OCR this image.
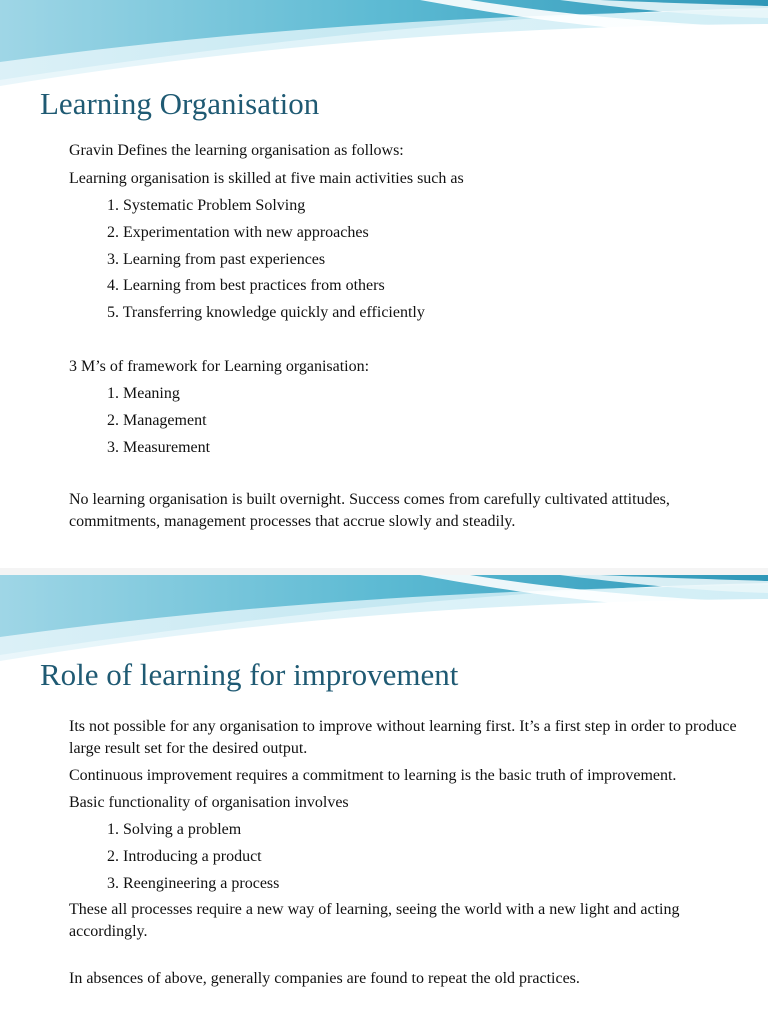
Learning Organisation

Gravin Defines the learning organisation as follows:

Learning organisation is skilled at five main activities such as

1. Systematic Problem Solving
2. Experimentation with new approaches
3. Learning from past experiences
4. Learning from best practices from others
5. Transferring knowledge quickly and efficiently

3 M’s of framework for Learning organisation:

1. Meaning
2. Management
3. Measurement

No learning organisation is built overnight. Success comes from carefully cultivated attitudes, commitments, management processes that accrue slowly and steadily.

Role of learning for improvement

Its not possible for any organisation to improve without learning first. It’s a first step in order to produce large result set for the desired output.

Continuous improvement requires a commitment to learning is the basic truth of improvement.

Basic functionality of organisation involves

1. Solving a problem
2. Introducing a product
3. Reengineering a process

These all processes require a new way of learning, seeing the world with a new light and acting accordingly.

In absences of above, generally companies are found to repeat the old practices.
